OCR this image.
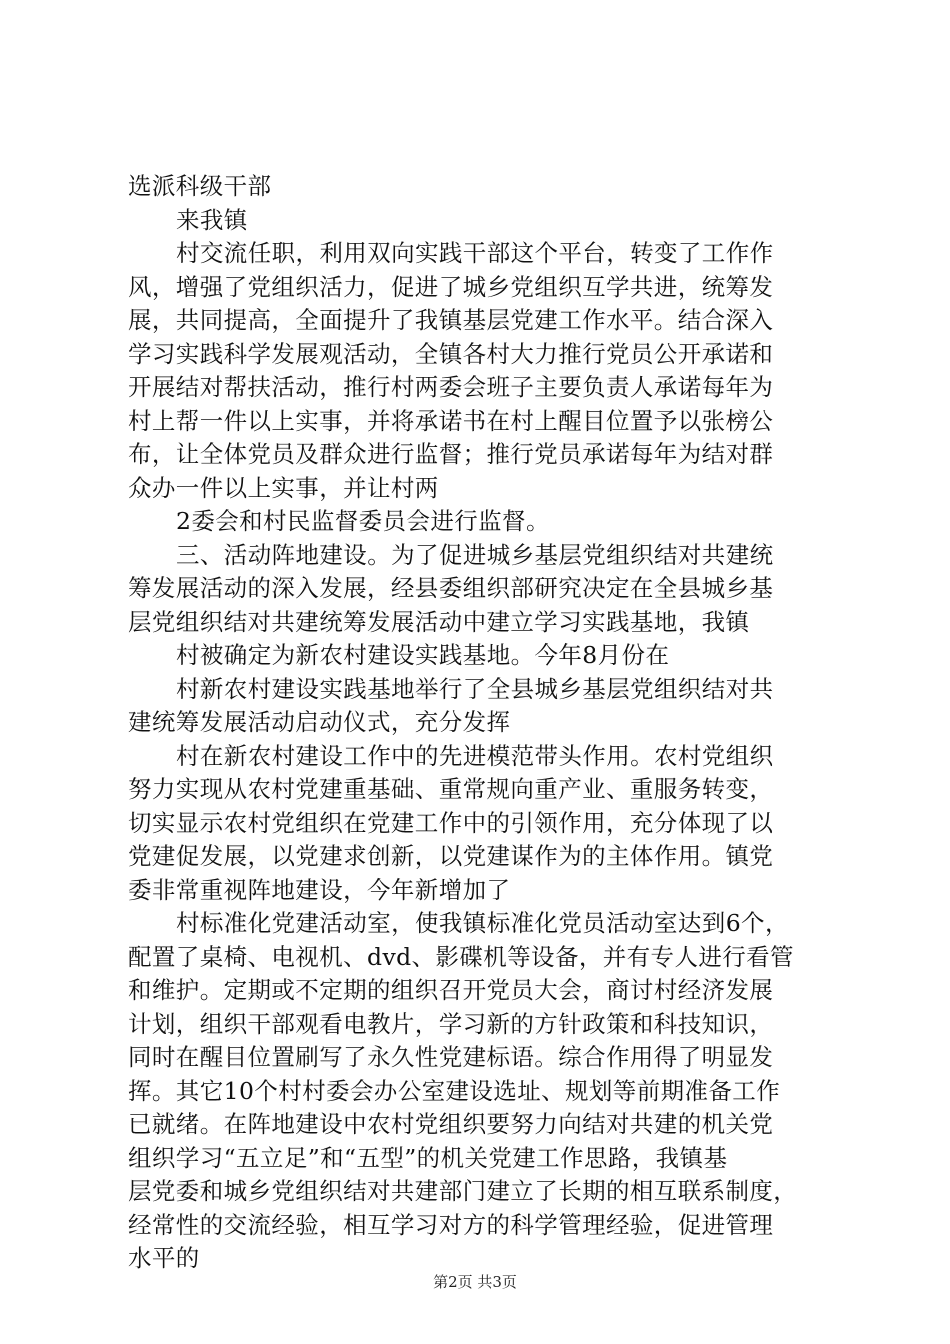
选派科级干部
来我镇
村交流任职，利用双向实践干部这个平台，转变了工作作
风，增强了党组织活力，促进了城乡党组织互学共进，统筹发
展，共同提高，全面提升了我镇基层党建工作水平。结合深入
学习实践科学发展观活动，全镇各村大力推行党员公开承诺和
开展结对帮扶活动，推行村两委会班子主要负责人承诺每年为
村上帮一件以上实事，并将承诺书在村上醒目位置予以张榜公
布，让全体党员及群众进行监督；推行党员承诺每年为结对群
众办一件以上实事，并让村两
2委会和村民监督委员会进行监督。
三、活动阵地建设。为了促进城乡基层党组织结对共建统
筹发展活动的深入发展，经县委组织部研究决定在全县城乡基
层党组织结对共建统筹发展活动中建立学习实践基地，我镇
村被确定为新农村建设实践基地。今年8月份在
村新农村建设实践基地举行了全县城乡基层党组织结对共
建统筹发展活动启动仪式，充分发挥
村在新农村建设工作中的先进模范带头作用。农村党组织
努力实现从农村党建重基础、重常规向重产业、重服务转变，
切实显示农村党组织在党建工作中的引领作用，充分体现了以
党建促发展，以党建求创新，以党建谋作为的主体作用。镇党
委非常重视阵地建设，今年新增加了
村标准化党建活动室，使我镇标准化党员活动室达到6个，
配置了桌椅、电视机、dvd、影碟机等设备，并有专人进行看管
和维护。定期或不定期的组织召开党员大会，商讨村经济发展
计划，组织干部观看电教片，学习新的方针政策和科技知识，
同时在醒目位置刷写了永久性党建标语。综合作用得了明显发
挥。其它10个村村委会办公室建设选址、规划等前期准备工作
已就绪。在阵地建设中农村党组织要努力向结对共建的机关党
组织学习“五立足”和“五型”的机关党建工作思路，我镇基
层党委和城乡党组织结对共建部门建立了长期的相互联系制度，
经常性的交流经验，相互学习对方的科学管理经验，促进管理
水平的
第2页 共3页
